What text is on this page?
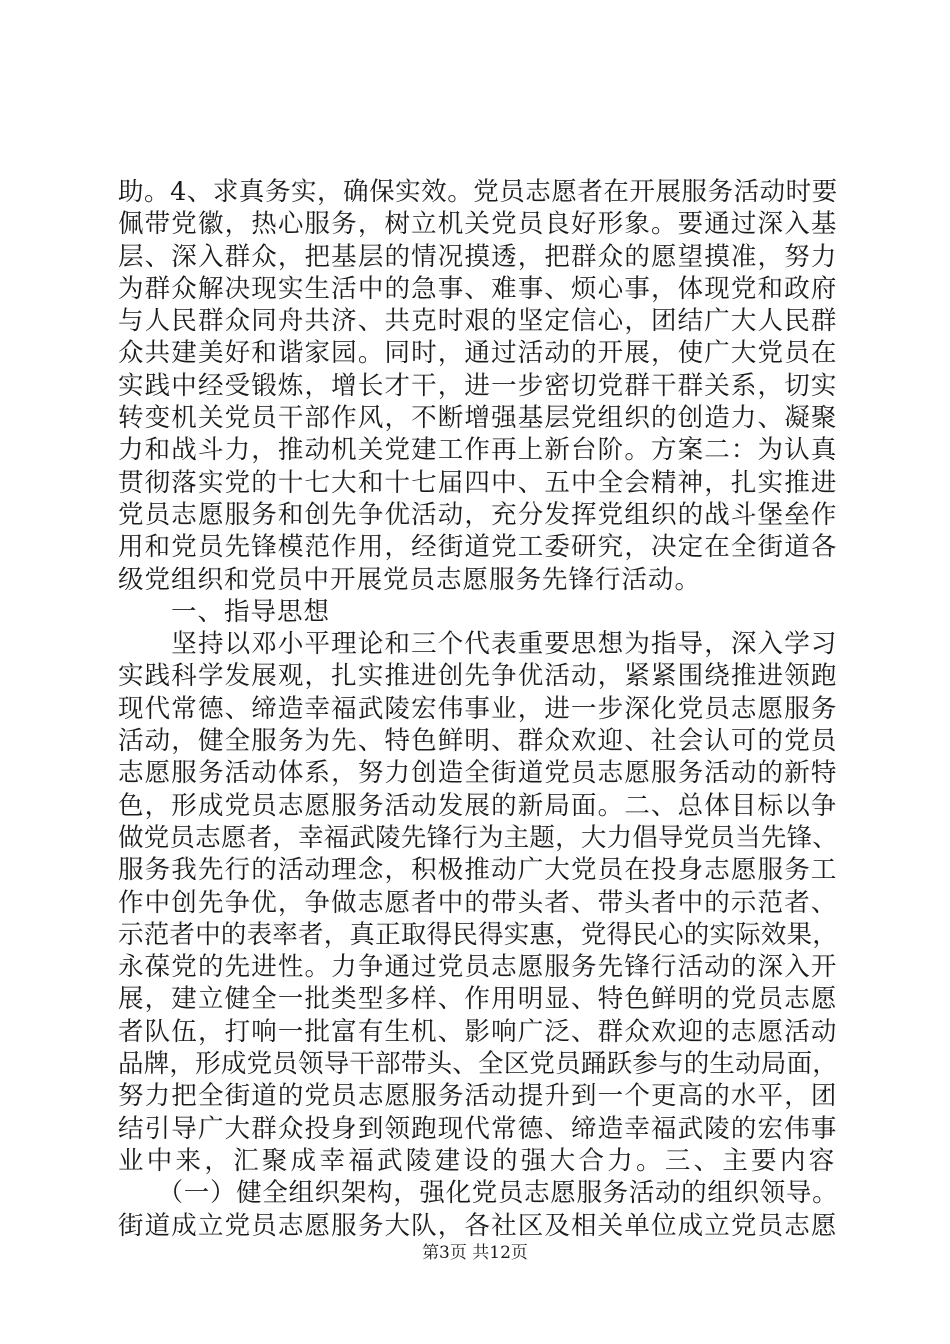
助。4、求真务实，确保实效。党员志愿者在开展服务活动时要
佩带党徽，热心服务，树立机关党员良好形象。要通过深入基
层、深入群众，把基层的情况摸透，把群众的愿望摸准，努力
为群众解决现实生活中的急事、难事、烦心事，体现党和政府
与人民群众同舟共济、共克时艰的坚定信心，团结广大人民群
众共建美好和谐家园。同时，通过活动的开展，使广大党员在
实践中经受锻炼，增长才干，进一步密切党群干群关系，切实
转变机关党员干部作风，不断增强基层党组织的创造力、凝聚
力和战斗力，推动机关党建工作再上新台阶。方案二：为认真
贯彻落实党的十七大和十七届四中、五中全会精神，扎实推进
党员志愿服务和创先争优活动，充分发挥党组织的战斗堡垒作
用和党员先锋模范作用，经街道党工委研究，决定在全街道各
级党组织和党员中开展党员志愿服务先锋行活动。
　　一、指导思想
　　坚持以邓小平理论和三个代表重要思想为指导，深入学习
实践科学发展观，扎实推进创先争优活动，紧紧围绕推进领跑
现代常德、缔造幸福武陵宏伟事业，进一步深化党员志愿服务
活动，健全服务为先、特色鲜明、群众欢迎、社会认可的党员
志愿服务活动体系，努力创造全街道党员志愿服务活动的新特
色，形成党员志愿服务活动发展的新局面。二、总体目标以争
做党员志愿者，幸福武陵先锋行为主题，大力倡导党员当先锋、
服务我先行的活动理念，积极推动广大党员在投身志愿服务工
作中创先争优，争做志愿者中的带头者、带头者中的示范者、
示范者中的表率者，真正取得民得实惠，党得民心的实际效果，
永葆党的先进性。力争通过党员志愿服务先锋行活动的深入开
展，建立健全一批类型多样、作用明显、特色鲜明的党员志愿
者队伍，打响一批富有生机、影响广泛、群众欢迎的志愿活动
品牌，形成党员领导干部带头、全区党员踊跃参与的生动局面，
努力把全街道的党员志愿服务活动提升到一个更高的水平，团
结引导广大群众投身到领跑现代常德、缔造幸福武陵的宏伟事
业中来，汇聚成幸福武陵建设的强大合力。三、主要内容
　　（一）健全组织架构，强化党员志愿服务活动的组织领导。
街道成立党员志愿服务大队，各社区及相关单位成立党员志愿
第3页 共12页
